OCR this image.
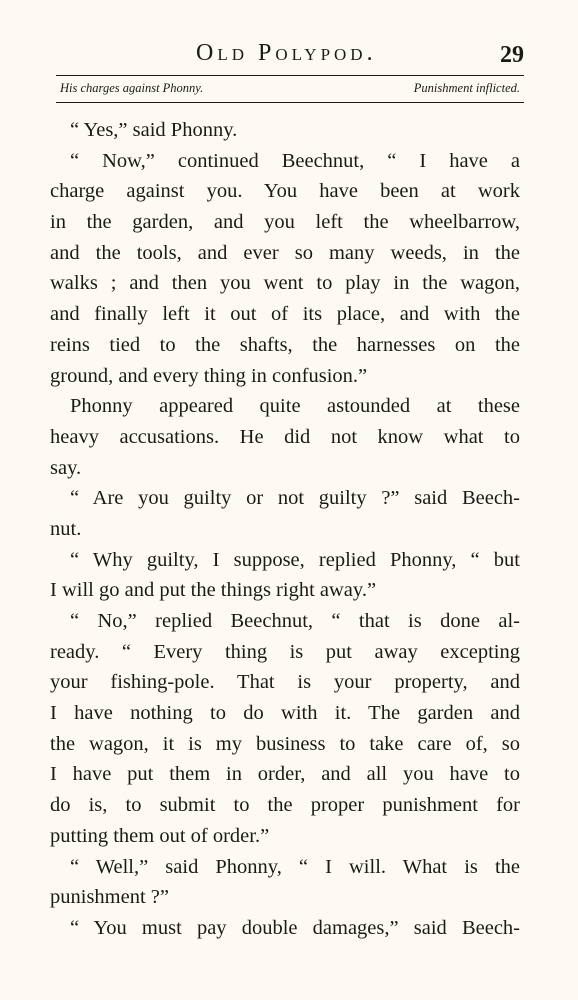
Old Polypod.	29
His charges against Phonny.	Punishment inflicted.
“ Yes,” said Phonny.
“ Now,” continued Beechnut, “ I have a
charge against you. You have been at work
in the garden, and you left the wheelbarrow,
and the tools, and ever so many weeds, in the
walks ; and then you went to play in the wagon,
and finally left it out of its place, and with the
reins tied to the shafts, the harnesses on the
ground, and every thing in confusion.”
Phonny appeared quite astounded at these
heavy accusations. He did not know what to
say.
“ Are you guilty or not guilty ?” said Beech-
nut.
“ Why guilty, I suppose, replied Phonny, “ but
I will go and put the things right away.”
“ No,” replied Beechnut, “ that is done al-
ready. “ Every thing is put away excepting
your fishing-pole. That is your property, and
I have nothing to do with it. The garden and
the wagon, it is my business to take care of, so
I have put them in order, and all you have to
do is, to submit to the proper punishment for
putting them out of order.”
“ Well,” said Phonny, “ I will. What is the
punishment ?”
“ You must pay double damages,” said Beech-
